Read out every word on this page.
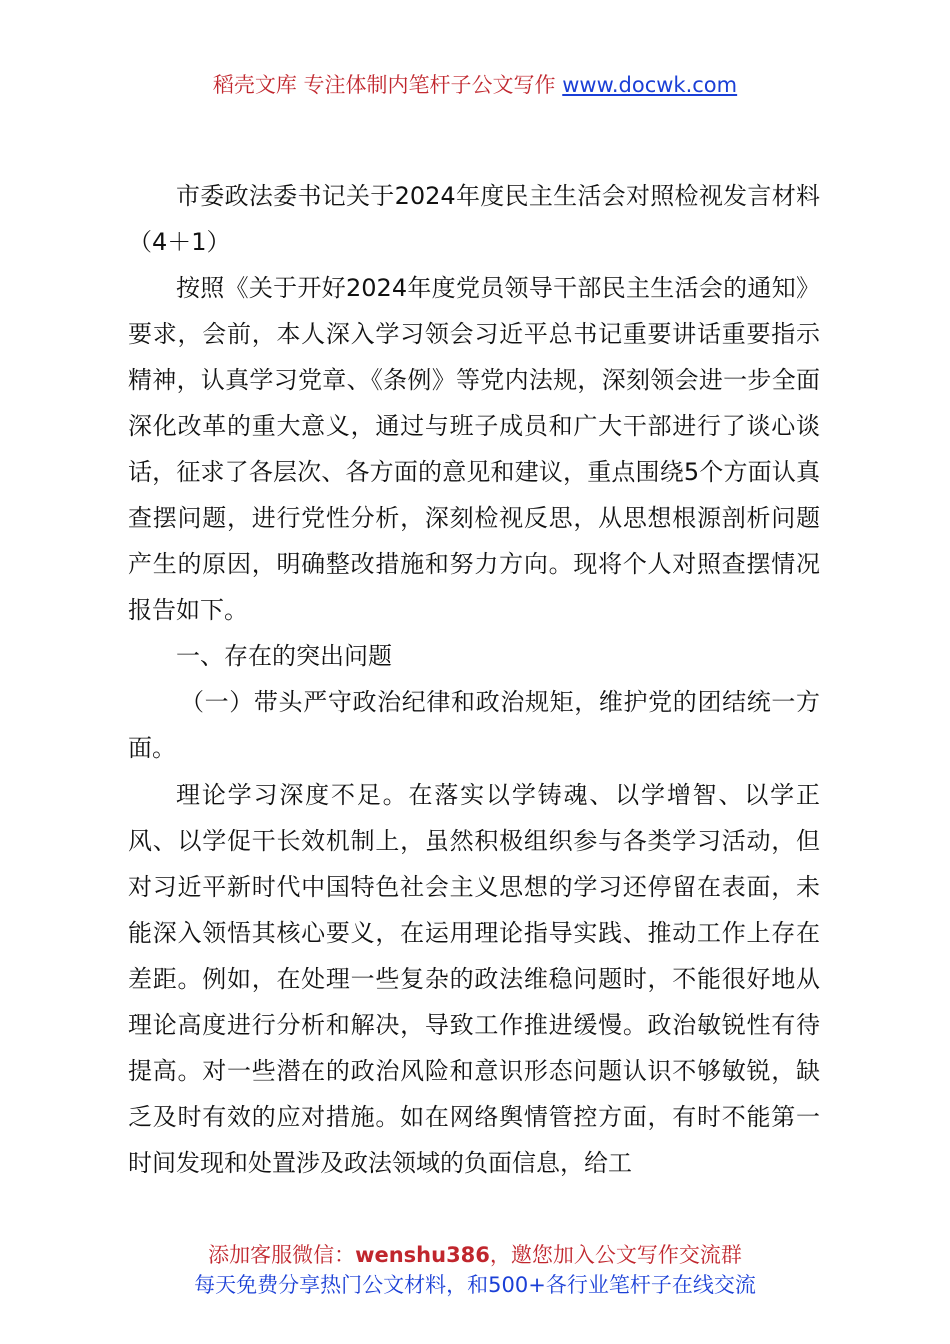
稻壳文库 专注体制内笔杆子公文写作 www.docwk.com

市委政法委书记关于2024年度民主生活会对照检视发言材料（4＋1）

按照《关于开好2024年度党员领导干部民主生活会的通知》要求，会前，本人深入学习领会习近平总书记重要讲话重要指示精神，认真学习党章、《条例》等党内法规，深刻领会进一步全面深化改革的重大意义，通过与班子成员和广大干部进行了谈心谈话，征求了各层次、各方面的意见和建议，重点围绕5个方面认真查摆问题，进行党性分析，深刻检视反思，从思想根源剖析问题产生的原因，明确整改措施和努力方向。现将个人对照查摆情况报告如下。

一、存在的突出问题

（一）带头严守政治纪律和政治规矩，维护党的团结统一方面。

理论学习深度不足。在落实以学铸魂、以学增智、以学正风、以学促干长效机制上，虽然积极组织参与各类学习活动，但对习近平新时代中国特色社会主义思想的学习还停留在表面，未能深入领悟其核心要义，在运用理论指导实践、推动工作上存在差距。例如，在处理一些复杂的政法维稳问题时，不能很好地从理论高度进行分析和解决，导致工作推进缓慢。政治敏锐性有待提高。对一些潜在的政治风险和意识形态问题认识不够敏锐，缺乏及时有效的应对措施。如在网络舆情管控方面，有时不能第一时间发现和处置涉及政法领域的负面信息，给工

添加客服微信：wenshu386，邀您加入公文写作交流群
每天免费分享热门公文材料，和500+各行业笔杆子在线交流
